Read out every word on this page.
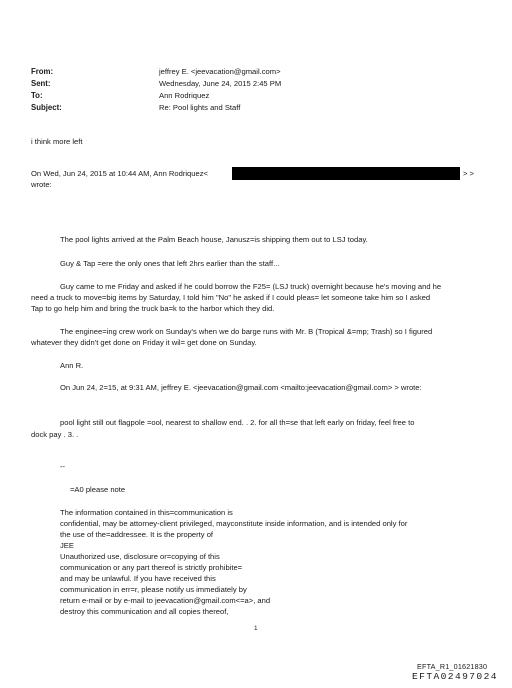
From:
Sent:
To:
Subject:
jeffrey E. <jeevacation@gmail.com>
Wednesday, June 24, 2015 2:45 PM
Ann Rodriquez
Re: Pool lights and Staff
i think more left
On Wed, Jun 24, 2015 at 10:44 AM, Ann Rodriquez<	> >
wrote:
The pool lights arrived at the Palm Beach house, Janusz=is shipping them out to LSJ today.
Guy & Tap =ere the only ones that left 2hrs earlier than the staff...
Guy came to me Friday and asked if he could borrow the F25= (LSJ truck) overnight because he's moving and he
need a truck to move=big items by Saturday, I told him "No" he asked if I could pleas= let someone take him so I asked
Tap to go help him and bring the truck ba=k to the harbor which they did.
The enginee=ing crew work on Sunday's when we do barge runs with Mr. B (Tropical &=mp; Trash) so I figured
whatever they didn't get done on Friday it wil= get done on Sunday.
Ann R.
On Jun 24, 2=15, at 9:31 AM, jeffrey E. <jeevacation@gmail.com <mailto:jeevacation@gmail.com> > wrote:
pool light still out flagpole =ool, nearest to shallow end. . 2. for all th=se that left early on friday, feel free to
dock pay . 3. .
--
=A0 please note
The information contained in this=communication is
confidential, may be attorney-client privileged, mayconstitute inside information, and is intended only for
the use of the=addressee. It is the property of
JEE
Unauthorized use, disclosure or=copying of this
communication or any part thereof is strictly prohibite=
and may be unlawful. If you have received this
communication in err=r, please notify us immediately by
return e-mail or by e-mail to jeevacation@gmail.com<=a>, and
destroy this communication and all copies thereof,
1
EFTA_R1_01621830
EFTA02497024
